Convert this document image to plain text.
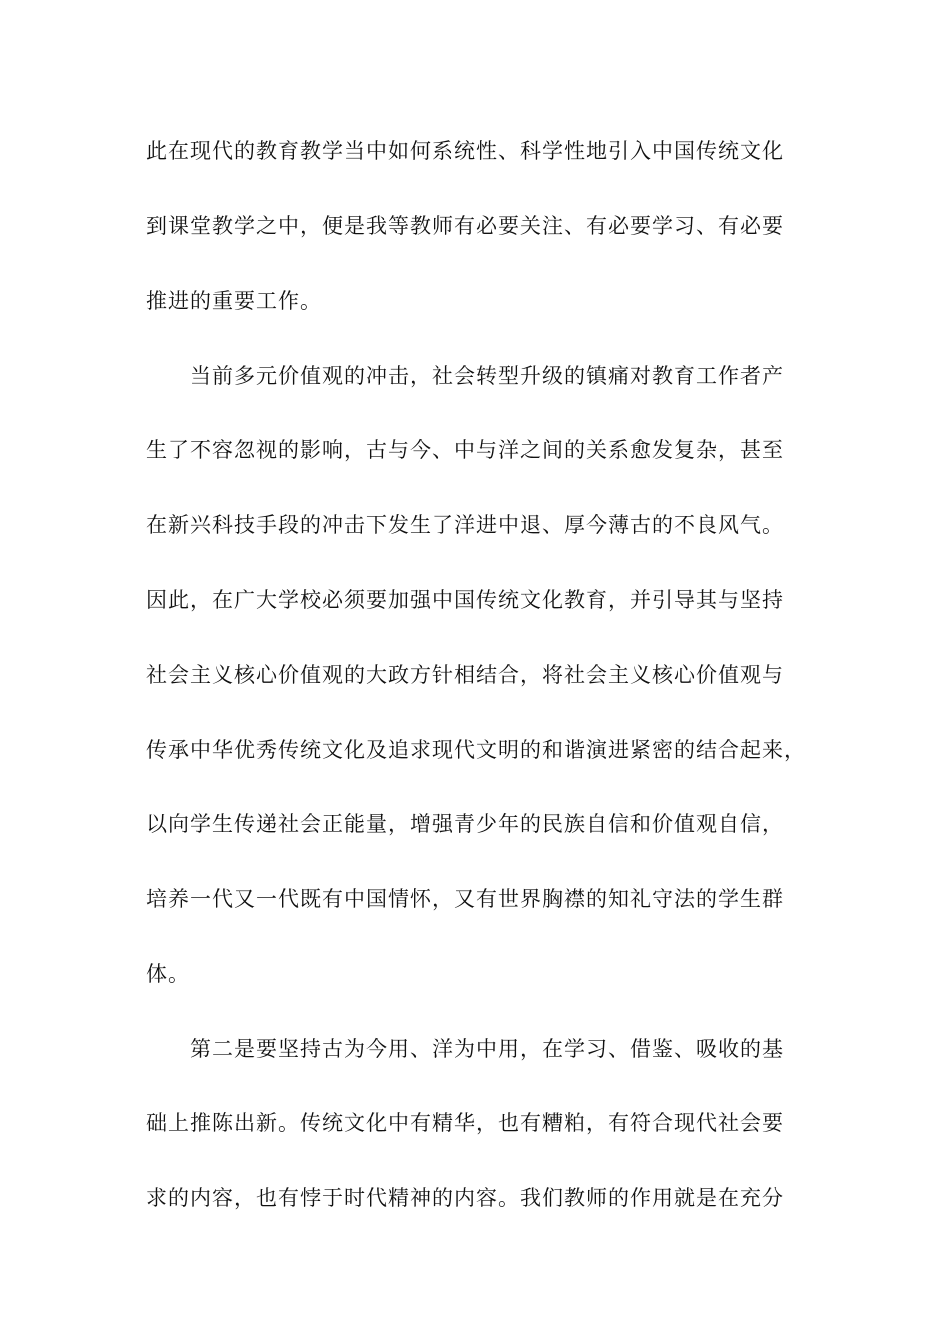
此在现代的教育教学当中如何系统性、科学性地引入中国传统文化
到课堂教学之中，便是我等教师有必要关注、有必要学习、有必要
推进的重要工作。
当前多元价值观的冲击，社会转型升级的镇痛对教育工作者产
生了不容忽视的影响，古与今、中与洋之间的关系愈发复杂，甚至
在新兴科技手段的冲击下发生了洋进中退、厚今薄古的不良风气。
因此，在广大学校必须要加强中国传统文化教育，并引导其与坚持
社会主义核心价值观的大政方针相结合，将社会主义核心价值观与
传承中华优秀传统文化及追求现代文明的和谐演进紧密的结合起来，
以向学生传递社会正能量，增强青少年的民族自信和价值观自信，
培养一代又一代既有中国情怀，又有世界胸襟的知礼守法的学生群
体。
第二是要坚持古为今用、洋为中用，在学习、借鉴、吸收的基
础上推陈出新。传统文化中有精华，也有糟粕，有符合现代社会要
求的内容，也有悖于时代精神的内容。我们教师的作用就是在充分
